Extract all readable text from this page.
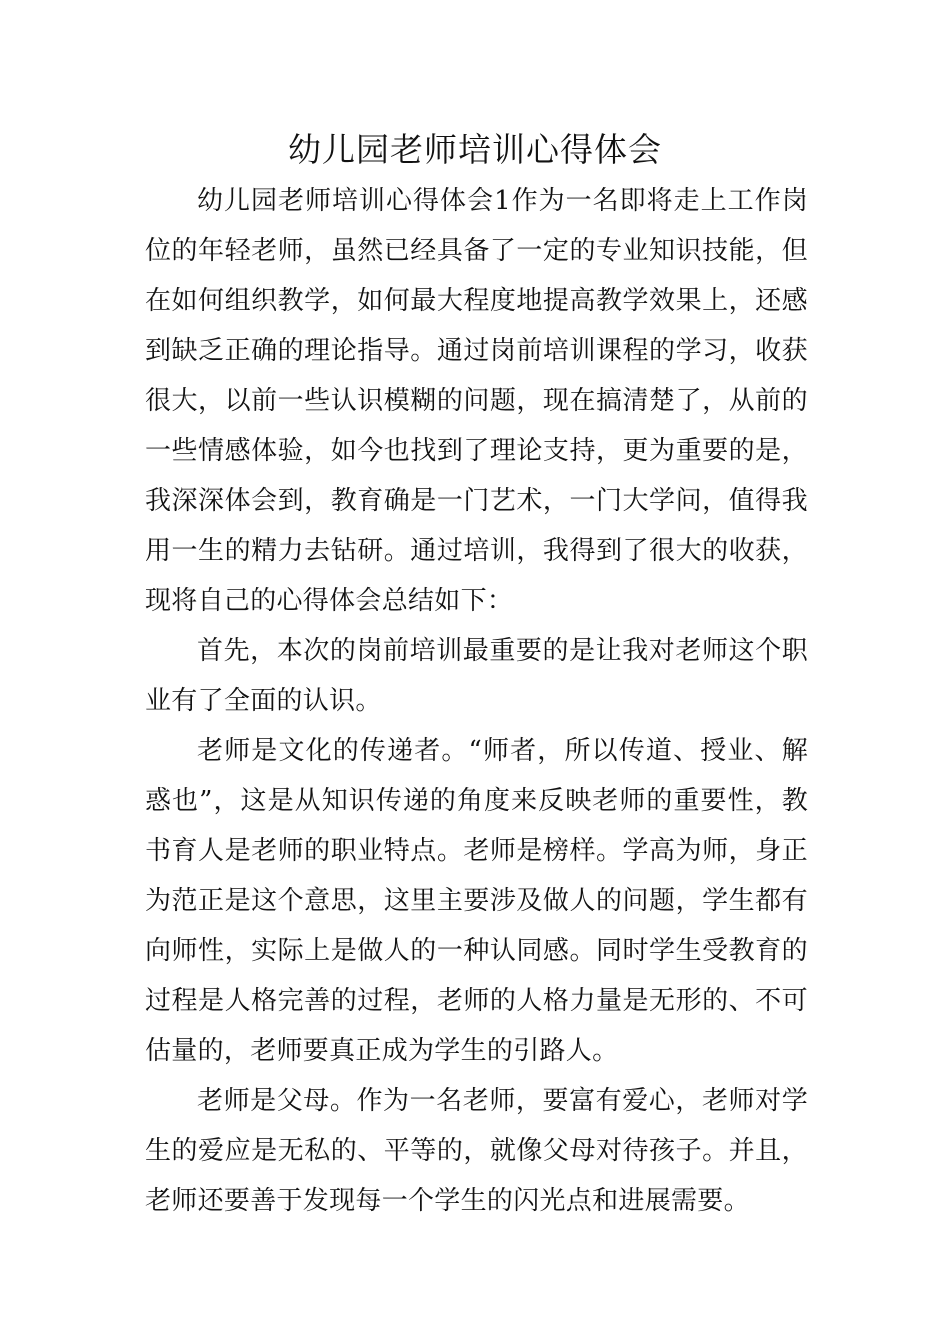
幼儿园老师培训心得体会

幼儿园老师培训心得体会1作为一名即将走上工作岗位的年轻老师，虽然已经具备了一定的专业知识技能，但在如何组织教学，如何最大程度地提高教学效果上，还感到缺乏正确的理论指导。通过岗前培训课程的学习，收获很大，以前一些认识模糊的问题，现在搞清楚了，从前的一些情感体验，如今也找到了理论支持，更为重要的是，我深深体会到，教育确是一门艺术，一门大学问，值得我用一生的精力去钻研。通过培训，我得到了很大的收获，现将自己的心得体会总结如下：

首先，本次的岗前培训最重要的是让我对老师这个职业有了全面的认识。

老师是文化的传递者。“师者，所以传道、授业、解惑也”，这是从知识传递的角度来反映老师的重要性，教书育人是老师的职业特点。老师是榜样。学高为师，身正为范正是这个意思，这里主要涉及做人的问题，学生都有向师性，实际上是做人的一种认同感。同时学生受教育的过程是人格完善的过程，老师的人格力量是无形的、不可估量的，老师要真正成为学生的引路人。

老师是父母。作为一名老师，要富有爱心，老师对学生的爱应是无私的、平等的，就像父母对待孩子。并且，老师还要善于发现每一个学生的闪光点和进展需要。
